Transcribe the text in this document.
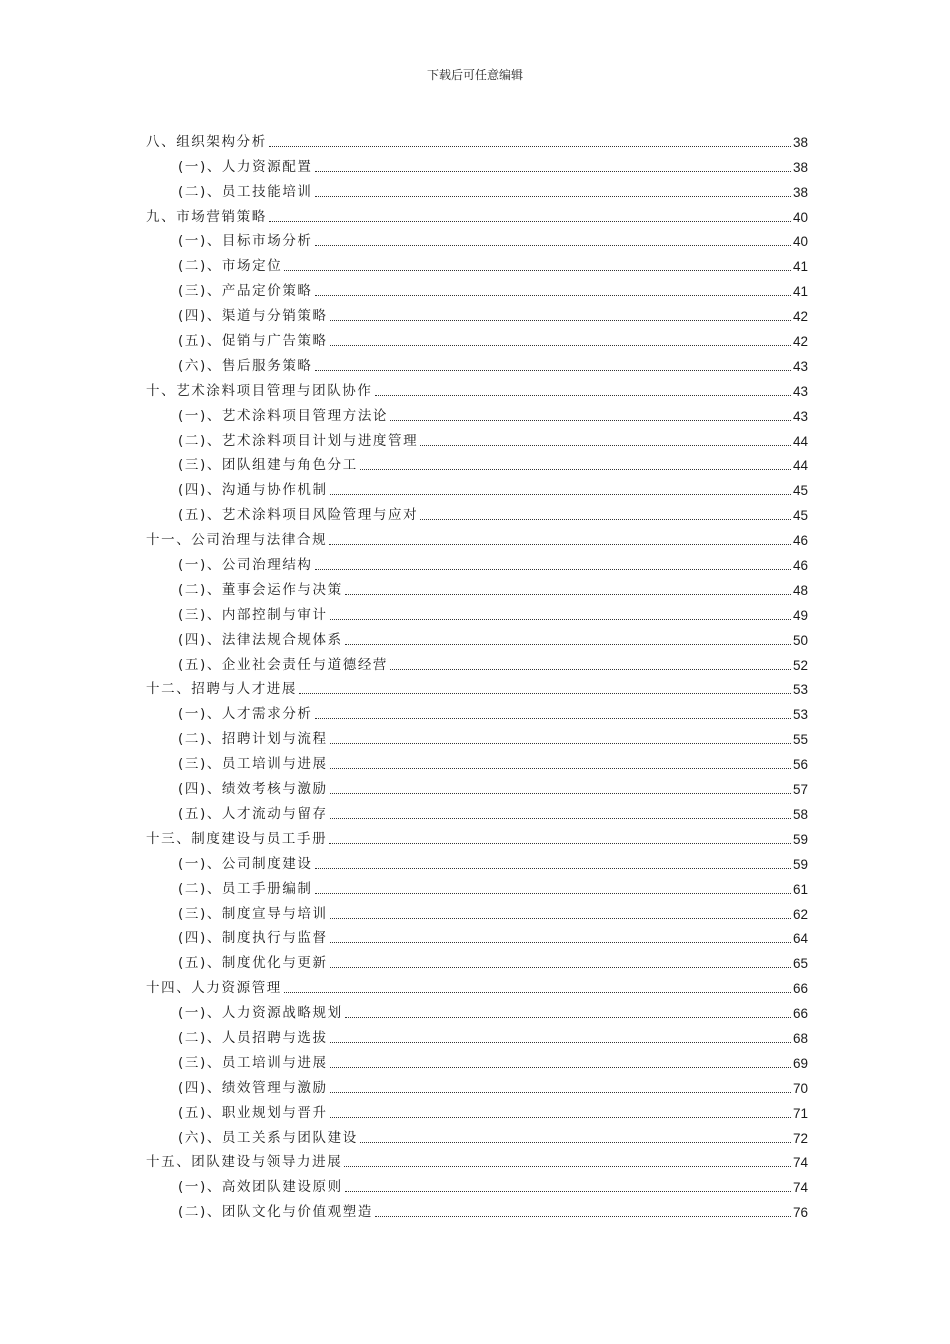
下载后可任意编辑
八、组织架构分析	38
(一)、人力资源配置	38
(二)、员工技能培训	38
九、市场营销策略	40
(一)、目标市场分析	40
(二)、市场定位	41
(三)、产品定价策略	41
(四)、渠道与分销策略	42
(五)、促销与广告策略	42
(六)、售后服务策略	43
十、艺术涂料项目管理与团队协作	43
(一)、艺术涂料项目管理方法论	43
(二)、艺术涂料项目计划与进度管理	44
(三)、团队组建与角色分工	44
(四)、沟通与协作机制	45
(五)、艺术涂料项目风险管理与应对	45
十一、公司治理与法律合规	46
(一)、公司治理结构	46
(二)、董事会运作与决策	48
(三)、内部控制与审计	49
(四)、法律法规合规体系	50
(五)、企业社会责任与道德经营	52
十二、招聘与人才进展	53
(一)、人才需求分析	53
(二)、招聘计划与流程	55
(三)、员工培训与进展	56
(四)、绩效考核与激励	57
(五)、人才流动与留存	58
十三、制度建设与员工手册	59
(一)、公司制度建设	59
(二)、员工手册编制	61
(三)、制度宣导与培训	62
(四)、制度执行与监督	64
(五)、制度优化与更新	65
十四、人力资源管理	66
(一)、人力资源战略规划	66
(二)、人员招聘与选拔	68
(三)、员工培训与进展	69
(四)、绩效管理与激励	70
(五)、职业规划与晋升	71
(六)、员工关系与团队建设	72
十五、团队建设与领导力进展	74
(一)、高效团队建设原则	74
(二)、团队文化与价值观塑造	76
